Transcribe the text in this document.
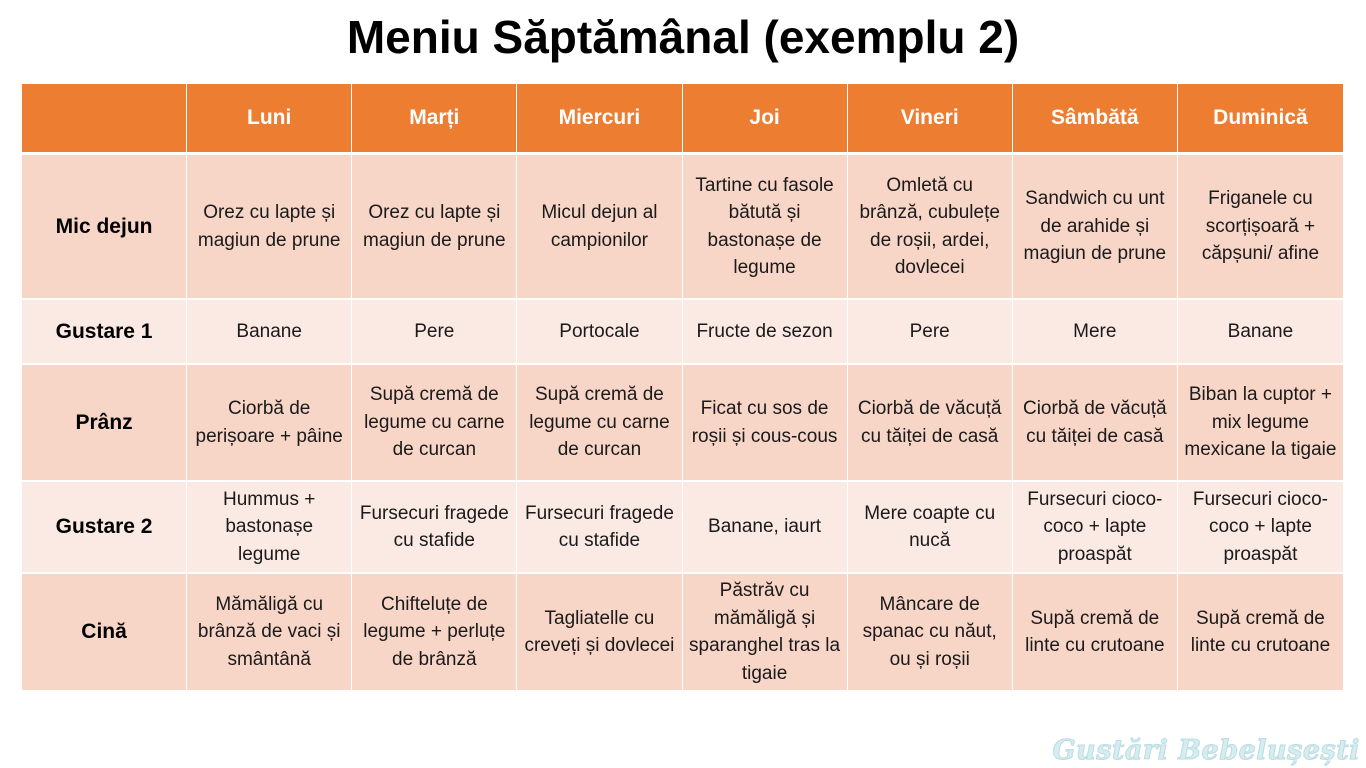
Meniu Săptămânal (exemplu 2)
	Luni	Marți	Miercuri	Joi	Vineri	Sâmbătă	Duminică
Mic dejun	Orez cu lapte și magiun de prune	Orez cu lapte și magiun de prune	Micul dejun al campionilor	Tartine cu fasole bătută și bastonașe de legume	Omletă cu brânză, cubulețe de roșii, ardei, dovlecei	Sandwich cu unt de arahide și magiun de prune	Friganele cu scorțișoară + căpșuni/ afine
Gustare 1	Banane	Pere	Portocale	Fructe de sezon	Pere	Mere	Banane
Prânz	Ciorbă de perișoare + pâine	Supă cremă de legume cu carne de curcan	Supă cremă de legume cu carne de curcan	Ficat cu sos de roșii și cous-cous	Ciorbă de văcuță cu tăiței de casă	Ciorbă de văcuță cu tăiței de casă	Biban la cuptor + mix legume mexicane la tigaie
Gustare 2	Hummus + bastonașe legume	Fursecuri fragede cu stafide	Fursecuri fragede cu stafide	Banane, iaurt	Mere coapte cu nucă	Fursecuri cioco-coco + lapte proaspăt	Fursecuri cioco-coco + lapte proaspăt
Cină	Mămăligă cu brânză de vaci și smântână	Chifteluțe de legume + perluțe de brânză	Tagliatelle cu creveți și dovlecei	Păstrăv cu mămăligă și sparanghel tras la tigaie	Mâncare de spanac cu năut, ou și roșii	Supă cremă de linte cu crutoane	Supă cremă de linte cu crutoane
Gustări Bebelușești
